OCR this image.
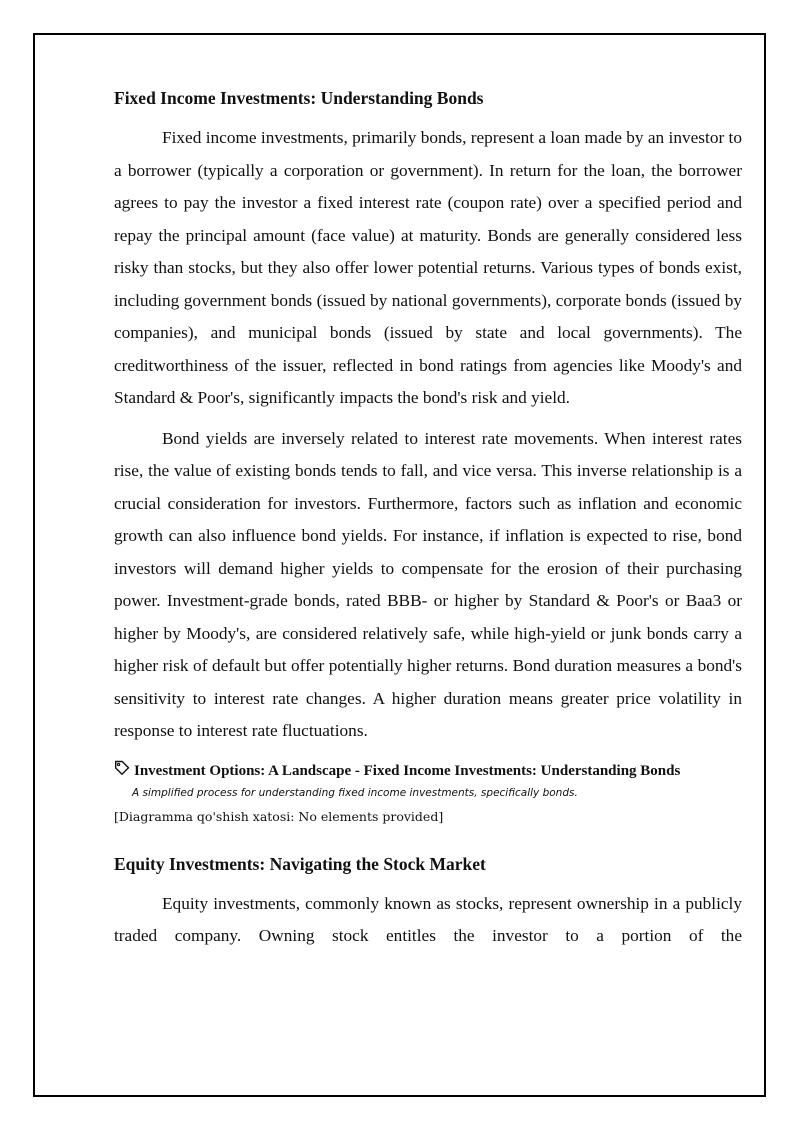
Fixed Income Investments: Understanding Bonds

Fixed income investments, primarily bonds, represent a loan made by an investor to a borrower (typically a corporation or government). In return for the loan, the borrower agrees to pay the investor a fixed interest rate (coupon rate) over a specified period and repay the principal amount (face value) at maturity. Bonds are generally considered less risky than stocks, but they also offer lower potential returns. Various types of bonds exist, including government bonds (issued by national governments), corporate bonds (issued by companies), and municipal bonds (issued by state and local governments). The creditworthiness of the issuer, reflected in bond ratings from agencies like Moody's and Standard & Poor's, significantly impacts the bond's risk and yield.

Bond yields are inversely related to interest rate movements. When interest rates rise, the value of existing bonds tends to fall, and vice versa. This inverse relationship is a crucial consideration for investors. Furthermore, factors such as inflation and economic growth can also influence bond yields. For instance, if inflation is expected to rise, bond investors will demand higher yields to compensate for the erosion of their purchasing power. Investment-grade bonds, rated BBB- or higher by Standard & Poor's or Baa3 or higher by Moody's, are considered relatively safe, while high-yield or junk bonds carry a higher risk of default but offer potentially higher returns. Bond duration measures a bond's sensitivity to interest rate changes. A higher duration means greater price volatility in response to interest rate fluctuations.

Investment Options: A Landscape - Fixed Income Investments: Understanding Bonds
A simplified process for understanding fixed income investments, specifically bonds.
[Diagramma qo'shish xatosi: No elements provided]
Equity Investments: Navigating the Stock Market

Equity investments, commonly known as stocks, represent ownership in a publicly traded company. Owning stock entitles the investor to a portion of the
